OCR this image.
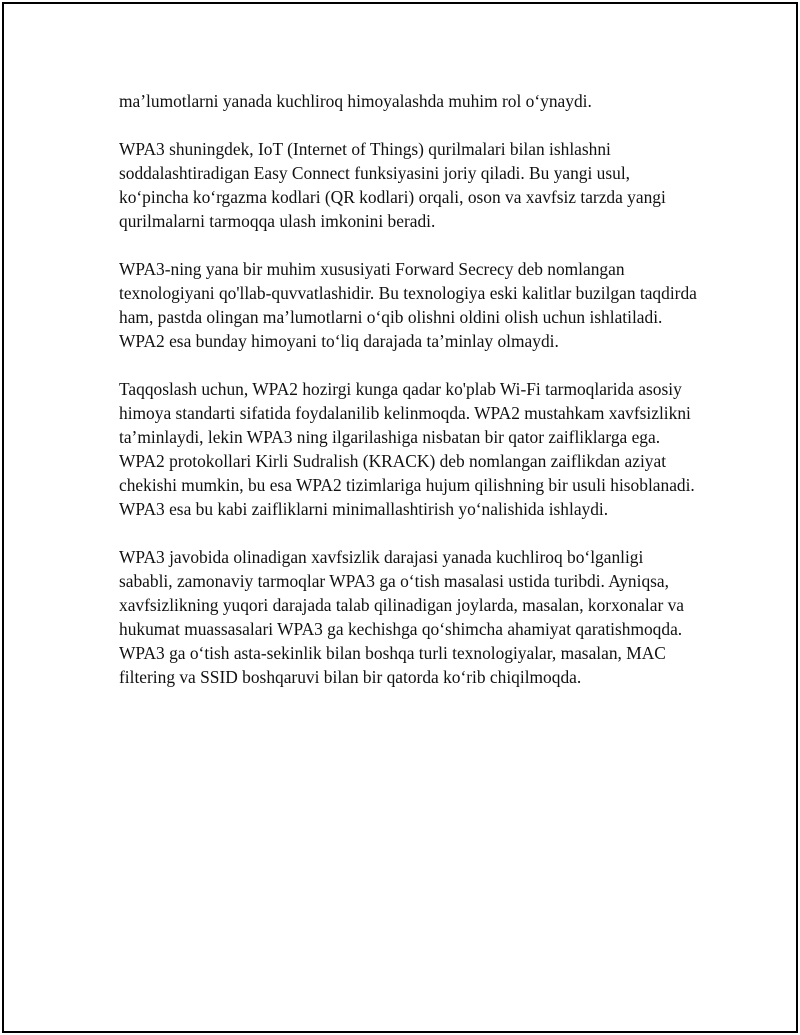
ma’lumotlarni yanada kuchliroq himoyalashda muhim rol o‘ynaydi.

WPA3 shuningdek, IoT (Internet of Things) qurilmalari bilan ishlashni soddalashtiradigan Easy Connect funksiyasini joriy qiladi. Bu yangi usul, ko‘pincha ko‘rgazma kodlari (QR kodlari) orqali, oson va xavfsiz tarzda yangi qurilmalarni tarmoqqa ulash imkonini beradi.

WPA3-ning yana bir muhim xususiyati Forward Secrecy deb nomlangan texnologiyani qo'llab-quvvatlashidir. Bu texnologiya eski kalitlar buzilgan taqdirda ham, pastda olingan ma’lumotlarni o‘qib olishni oldini olish uchun ishlatiladi. WPA2 esa bunday himoyani to‘liq darajada ta’minlay olmaydi.

Taqqoslash uchun, WPA2 hozirgi kunga qadar ko'plab Wi-Fi tarmoqlarida asosiy himoya standarti sifatida foydalanilib kelinmoqda. WPA2 mustahkam xavfsizlikni ta’minlaydi, lekin WPA3 ning ilgarilashiga nisbatan bir qator zaifliklarga ega. WPA2 protokollari Kirli Sudralish (KRACK) deb nomlangan zaiflikdan aziyat chekishi mumkin, bu esa WPA2 tizimlariga hujum qilishning bir usuli hisoblanadi. WPA3 esa bu kabi zaifliklarni minimallashtirish yo‘nalishida ishlaydi.

WPA3 javobida olinadigan xavfsizlik darajasi yanada kuchliroq bo‘lganligi sababli, zamonaviy tarmoqlar WPA3 ga o‘tish masalasi ustida turibdi. Ayniqsa, xavfsizlikning yuqori darajada talab qilinadigan joylarda, masalan, korxonalar va hukumat muassasalari WPA3 ga kechishga qo‘shimcha ahamiyat qaratishmoqda. WPA3 ga o‘tish asta-sekinlik bilan boshqa turli texnologiyalar, masalan, MAC filtering va SSID boshqaruvi bilan bir qatorda ko‘rib chiqilmoqda.
